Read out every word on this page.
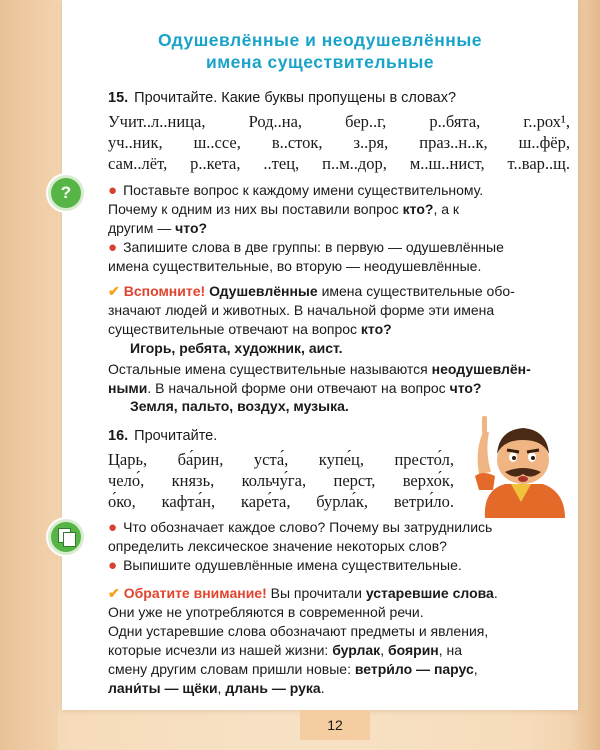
Одушевлённые и неодушевлённые
имена существительные
15. Прочитайте. Какие буквы пропущены в словах?
Учит..л..ница,	Род..на,	бер..г,	р..бята,	г..рох¹,
уч..ник, ш..ссе, в..сток, з..ря, праз..н..к, ш..фёр,
сам..лёт, р..кета, ..тец, п..м..дор, м..ш..нист, т..вар..щ.
?	● Поставьте вопрос к каждому имени существительному.
Почему к одним из них вы поставили вопрос кто?, а к
другим — что?
● Запишите слова в две группы: в первую — одушевлённые
имена существительные, во вторую — неодушевлённые.
✔ Вспомните! Одушевлённые имена существительные обо-
значают людей и животных. В начальной форме эти имена
существительные отвечают на вопрос кто?
Игорь, ребята, художник, аист.
Остальные имена существительные называются неодушевлён-
ными. В начальной форме они отвечают на вопрос что?
Земля, пальто, воздух, музыка.
16. Прочитайте.
Царь, ба́рин, уста́, купе́ц, престо́л,
чело́, князь, кольчу́га, перст, верхо́к,
о́ко, кафта́н, каре́та, бурла́к, ветри́ло.
● Что обозначает каждое слово? Почему вы затруднились
определить лексическое значение некоторых слов?
● Выпишите одушевлённые имена существительные.
✔ Обратите внимание! Вы прочитали устаревшие слова.
Они уже не употребляются в современной речи.
Одни устаревшие слова обозначают предметы и явления,
которые исчезли из нашей жизни: бурлак, боярин, на
смену другим словам пришли новые: ветри́ло — парус,
лани́ты — щёки, длань — рука.
12
